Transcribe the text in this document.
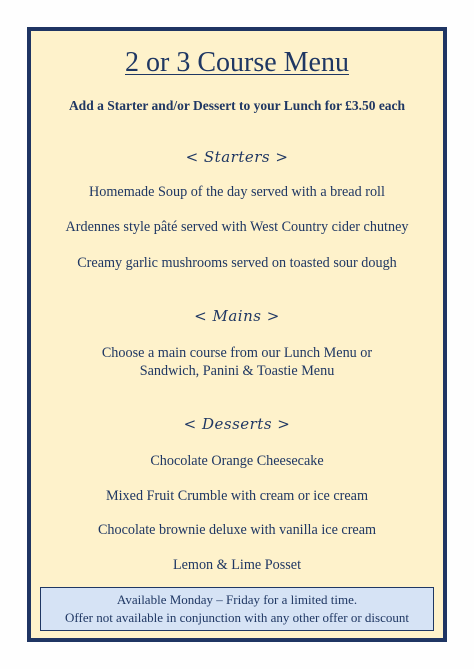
2 or 3 Course Menu
Add a Starter and/or Dessert to your Lunch for £3.50 each
< Starters >
Homemade Soup of the day served with a bread roll
Ardennes style pâté served with West Country cider chutney
Creamy garlic mushrooms served on toasted sour dough
< Mains >
Choose a main course from our Lunch Menu or
Sandwich, Panini & Toastie Menu
< Desserts >
Chocolate Orange Cheesecake
Mixed Fruit Crumble with cream or ice cream
Chocolate brownie deluxe with vanilla ice cream
Lemon & Lime Posset
Available Monday – Friday for a limited time.
Offer not available in conjunction with any other offer or discount
